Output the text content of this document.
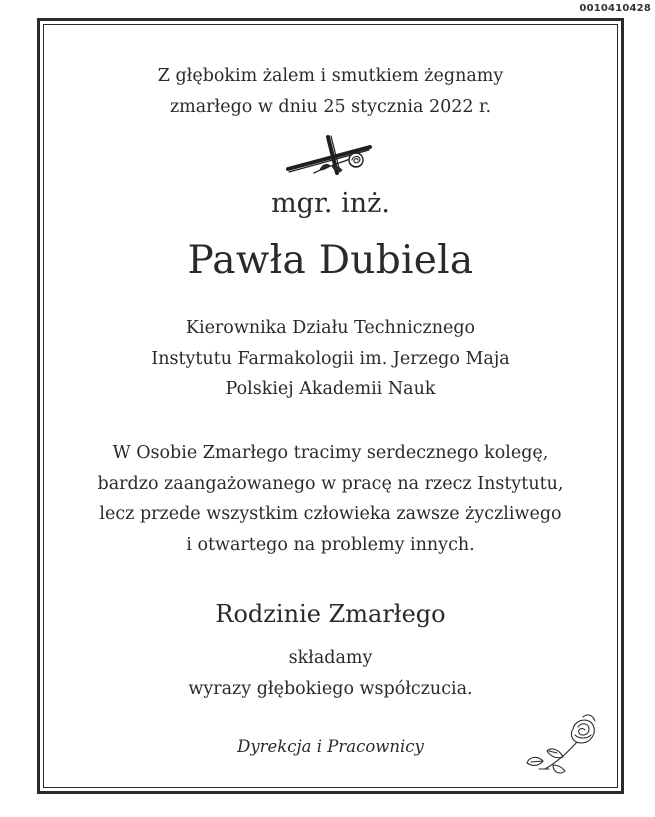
0010410428
Z głębokim żalem i smutkiem żegnamy
zmarłego w dniu 25 stycznia 2022 r.
mgr. inż.
Pawła Dubiela
Kierownika Działu Technicznego
Instytutu Farmakologii im. Jerzego Maja
Polskiej Akademii Nauk
W Osobie Zmarłego tracimy serdecznego kolegę,
bardzo zaangażowanego w pracę na rzecz Instytutu,
lecz przede wszystkim człowieka zawsze życzliwego
i otwartego na problemy innych.
Rodzinie Zmarłego
składamy
wyrazy głębokiego współczucia.
Dyrekcja i Pracownicy
